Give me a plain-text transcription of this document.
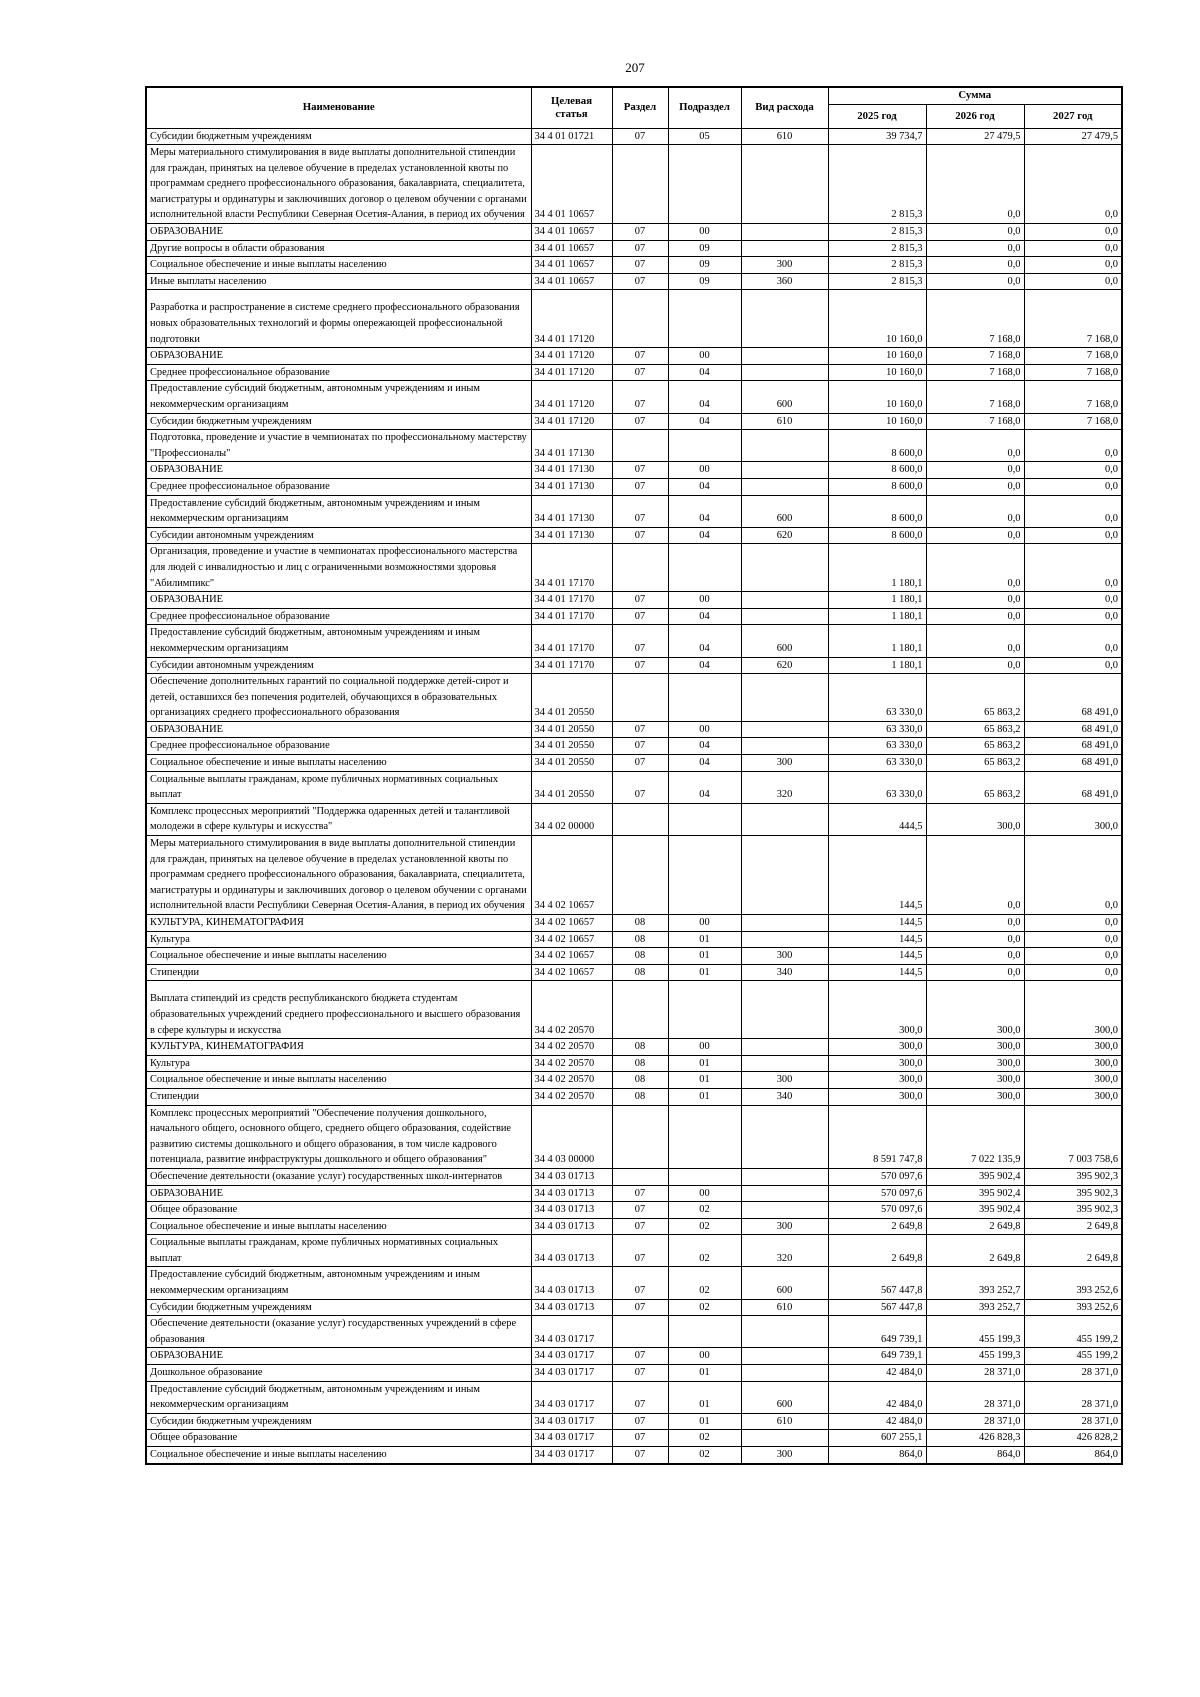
207
Наименование	Целевая статья	Раздел	Подраздел	Вид расхода	Сумма		
					2025 год	2026 год	2027 год
Субсидии бюджетным учреждениям	34 4 01 01721	07	05	610	39 734,7	27 479,5	27 479,5
Меры материального стимулирования в виде выплаты дополнительной стипендии для граждан, принятых на целевое обучение в пределах установленной квоты по программам среднего профессионального образования, бакалавриата, специалитета, магистратуры и ординатуры и заключивших договор о целевом обучении с органами исполнительной власти Республики Северная Осетия-Алания, в период их обучения	34 4 01 10657				2 815,3	0,0	0,0
ОБРАЗОВАНИЕ	34 4 01 10657	07	00		2 815,3	0,0	0,0
Другие вопросы в области образования	34 4 01 10657	07	09		2 815,3	0,0	0,0
Социальное обеспечение и иные выплаты населению	34 4 01 10657	07	09	300	2 815,3	0,0	0,0
Иные выплаты населению	34 4 01 10657	07	09	360	2 815,3	0,0	0,0

Разработка и распространение в системе среднего профессионального образования новых образовательных технологий и формы опережающей профессиональной подготовки	34 4 01 17120				10 160,0	7 168,0	7 168,0
ОБРАЗОВАНИЕ	34 4 01 17120	07	00		10 160,0	7 168,0	7 168,0
Среднее профессиональное образование	34 4 01 17120	07	04		10 160,0	7 168,0	7 168,0
Предоставление субсидий бюджетным, автономным учреждениям и иным некоммерческим организациям	34 4 01 17120	07	04	600	10 160,0	7 168,0	7 168,0
Субсидии бюджетным учреждениям	34 4 01 17120	07	04	610	10 160,0	7 168,0	7 168,0
Подготовка, проведение и участие в чемпионатах по профессиональному мастерству "Профессионалы"	34 4 01 17130				8 600,0	0,0	0,0
ОБРАЗОВАНИЕ	34 4 01 17130	07	00		8 600,0	0,0	0,0
Среднее профессиональное образование	34 4 01 17130	07	04		8 600,0	0,0	0,0
Предоставление субсидий бюджетным, автономным учреждениям и иным некоммерческим организациям	34 4 01 17130	07	04	600	8 600,0	0,0	0,0
Субсидии автономным учреждениям	34 4 01 17130	07	04	620	8 600,0	0,0	0,0
Организация, проведение и участие в чемпионатах профессионального мастерства для людей с инвалидностью и лиц с ограниченными возможностями здоровья "Абилимпикс"	34 4 01 17170				1 180,1	0,0	0,0
ОБРАЗОВАНИЕ	34 4 01 17170	07	00		1 180,1	0,0	0,0
Среднее профессиональное образование	34 4 01 17170	07	04		1 180,1	0,0	0,0
Предоставление субсидий бюджетным, автономным учреждениям и иным некоммерческим организациям	34 4 01 17170	07	04	600	1 180,1	0,0	0,0
Субсидии автономным учреждениям	34 4 01 17170	07	04	620	1 180,1	0,0	0,0
Обеспечение дополнительных гарантий по социальной поддержке детей-сирот и детей, оставшихся без попечения родителей, обучающихся в образовательных организациях среднего профессионального образования	34 4 01 20550				63 330,0	65 863,2	68 491,0
ОБРАЗОВАНИЕ	34 4 01 20550	07	00		63 330,0	65 863,2	68 491,0
Среднее профессиональное образование	34 4 01 20550	07	04		63 330,0	65 863,2	68 491,0
Социальное обеспечение и иные выплаты населению	34 4 01 20550	07	04	300	63 330,0	65 863,2	68 491,0
Социальные выплаты гражданам, кроме публичных нормативных социальных выплат	34 4 01 20550	07	04	320	63 330,0	65 863,2	68 491,0
Комплекс процессных мероприятий "Поддержка одаренных детей и талантливой молодежи в сфере культуры и искусства"	34 4 02 00000				444,5	300,0	300,0
Меры материального стимулирования в виде выплаты дополнительной стипендии для граждан, принятых на целевое обучение в пределах установленной квоты по программам среднего профессионального образования, бакалавриата, специалитета, магистратуры и ординатуры и заключивших договор о целевом обучении с органами исполнительной власти Республики Северная Осетия-Алания, в период их обучения	34 4 02 10657				144,5	0,0	0,0
КУЛЬТУРА, КИНЕМАТОГРАФИЯ	34 4 02 10657	08	00		144,5	0,0	0,0
Культура	34 4 02 10657	08	01		144,5	0,0	0,0
Социальное обеспечение и иные выплаты населению	34 4 02 10657	08	01	300	144,5	0,0	0,0
Стипендии	34 4 02 10657	08	01	340	144,5	0,0	0,0

Выплата стипендий из средств республиканского бюджета студентам образовательных учреждений среднего профессионального и высшего образования в сфере культуры и искусства	34 4 02 20570				300,0	300,0	300,0
КУЛЬТУРА, КИНЕМАТОГРАФИЯ	34 4 02 20570	08	00		300,0	300,0	300,0
Культура	34 4 02 20570	08	01		300,0	300,0	300,0
Социальное обеспечение и иные выплаты населению	34 4 02 20570	08	01	300	300,0	300,0	300,0
Стипендии	34 4 02 20570	08	01	340	300,0	300,0	300,0
Комплекс процессных мероприятий "Обеспечение получения дошкольного, начального общего, основного общего, среднего общего образования, содействие развитию системы дошкольного и общего образования, в том числе кадрового потенциала, развитие инфраструктуры дошкольного и общего образования"	34 4 03 00000				8 591 747,8	7 022 135,9	7 003 758,6
Обеспечение деятельности (оказание услуг) государственных школ-интернатов	34 4 03 01713				570 097,6	395 902,4	395 902,3
ОБРАЗОВАНИЕ	34 4 03 01713	07	00		570 097,6	395 902,4	395 902,3
Общее образование	34 4 03 01713	07	02		570 097,6	395 902,4	395 902,3
Социальное обеспечение и иные выплаты населению	34 4 03 01713	07	02	300	2 649,8	2 649,8	2 649,8
Социальные выплаты гражданам, кроме публичных нормативных социальных выплат	34 4 03 01713	07	02	320	2 649,8	2 649,8	2 649,8
Предоставление субсидий бюджетным, автономным учреждениям и иным некоммерческим организациям	34 4 03 01713	07	02	600	567 447,8	393 252,7	393 252,6
Субсидии бюджетным учреждениям	34 4 03 01713	07	02	610	567 447,8	393 252,7	393 252,6
Обеспечение деятельности (оказание услуг) государственных учреждений в сфере образования	34 4 03 01717				649 739,1	455 199,3	455 199,2
ОБРАЗОВАНИЕ	34 4 03 01717	07	00		649 739,1	455 199,3	455 199,2
Дошкольное образование	34 4 03 01717	07	01		42 484,0	28 371,0	28 371,0
Предоставление субсидий бюджетным, автономным учреждениям и иным некоммерческим организациям	34 4 03 01717	07	01	600	42 484,0	28 371,0	28 371,0
Субсидии бюджетным учреждениям	34 4 03 01717	07	01	610	42 484,0	28 371,0	28 371,0
Общее образование	34 4 03 01717	07	02		607 255,1	426 828,3	426 828,2
Социальное обеспечение и иные выплаты населению	34 4 03 01717	07	02	300	864,0	864,0	864,0
